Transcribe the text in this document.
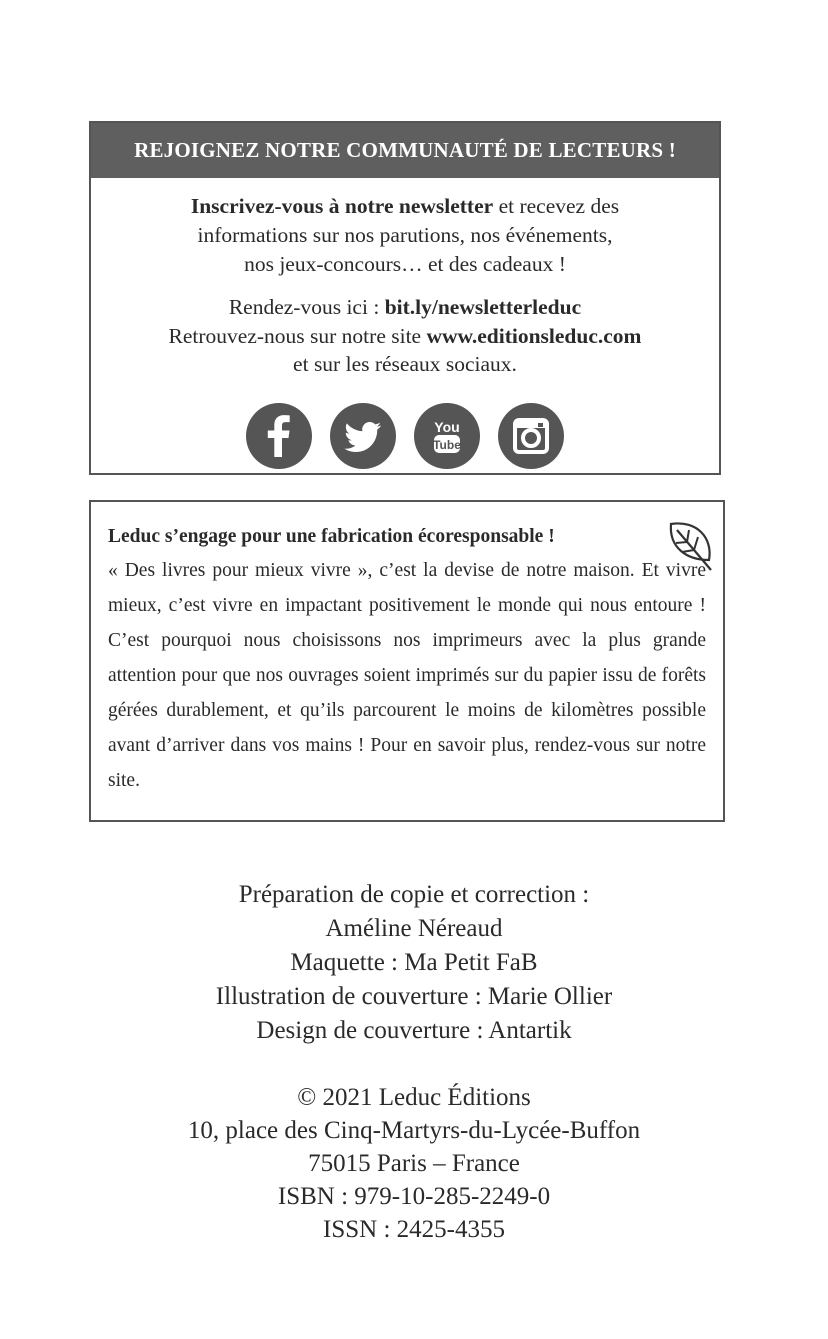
REJOIGNEZ NOTRE COMMUNAUTÉ DE LECTEURS !
Inscrivez-vous à notre newsletter et recevez des
informations sur nos parutions, nos événements,
nos jeux-concours… et des cadeaux !
Rendez-vous ici : bit.ly/newsletterleduc
Retrouvez-nous sur notre site www.editionsleduc.com
et sur les réseaux sociaux.
You
Tube
Leduc s’engage pour une fabrication écoresponsable !
« Des livres pour mieux vivre », c’est la devise de notre maison. Et vivre mieux, c’est vivre en impactant positivement le monde qui nous entoure ! C’est pourquoi nous choisissons nos imprimeurs avec la plus grande attention pour que nos ouvrages soient imprimés sur du papier issu de forêts gérées durablement, et qu’ils parcourent le moins de kilomètres possible avant d’arriver dans vos mains ! Pour en savoir plus, rendez-vous sur notre site.
Préparation de copie et correction :
Améline Néreaud
Maquette : Ma Petit FaB
Illustration de couverture : Marie Ollier
Design de couverture : Antartik
© 2021 Leduc Éditions
10, place des Cinq-Martyrs-du-Lycée-Buffon
75015 Paris – France
ISBN : 979-10-285-2249-0
ISSN : 2425-4355
